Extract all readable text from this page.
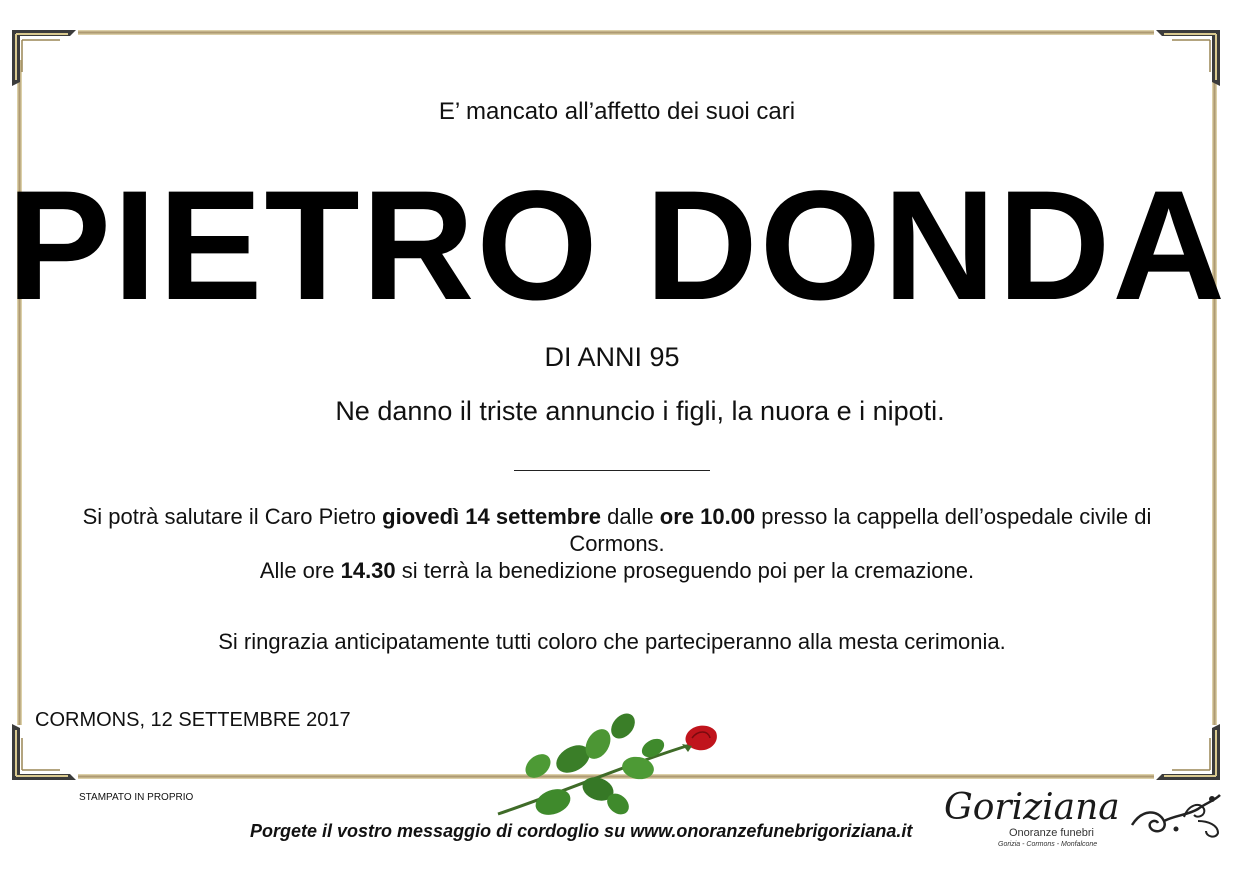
E’ mancato all’affetto dei suoi cari
PIETRO DONDA
DI ANNI 95
Ne danno il triste annuncio i figli, la nuora e i nipoti.
Si potrà salutare il Caro Pietro giovedì 14 settembre dalle ore 10.00 presso la cappella dell’ospedale civile di Cormons.
Alle ore 14.30 si terrà la benedizione proseguendo poi per la cremazione.
Si ringrazia anticipatamente tutti coloro che parteciperanno alla mesta cerimonia.
CORMONS, 12 SETTEMBRE 2017
STAMPATO IN PROPRIO
Porgete il vostro messaggio di cordoglio su www.onoranzefunebrigoriziana.it
Goriziana
Onoranze funebri
Gorizia - Cormons - Monfalcone
